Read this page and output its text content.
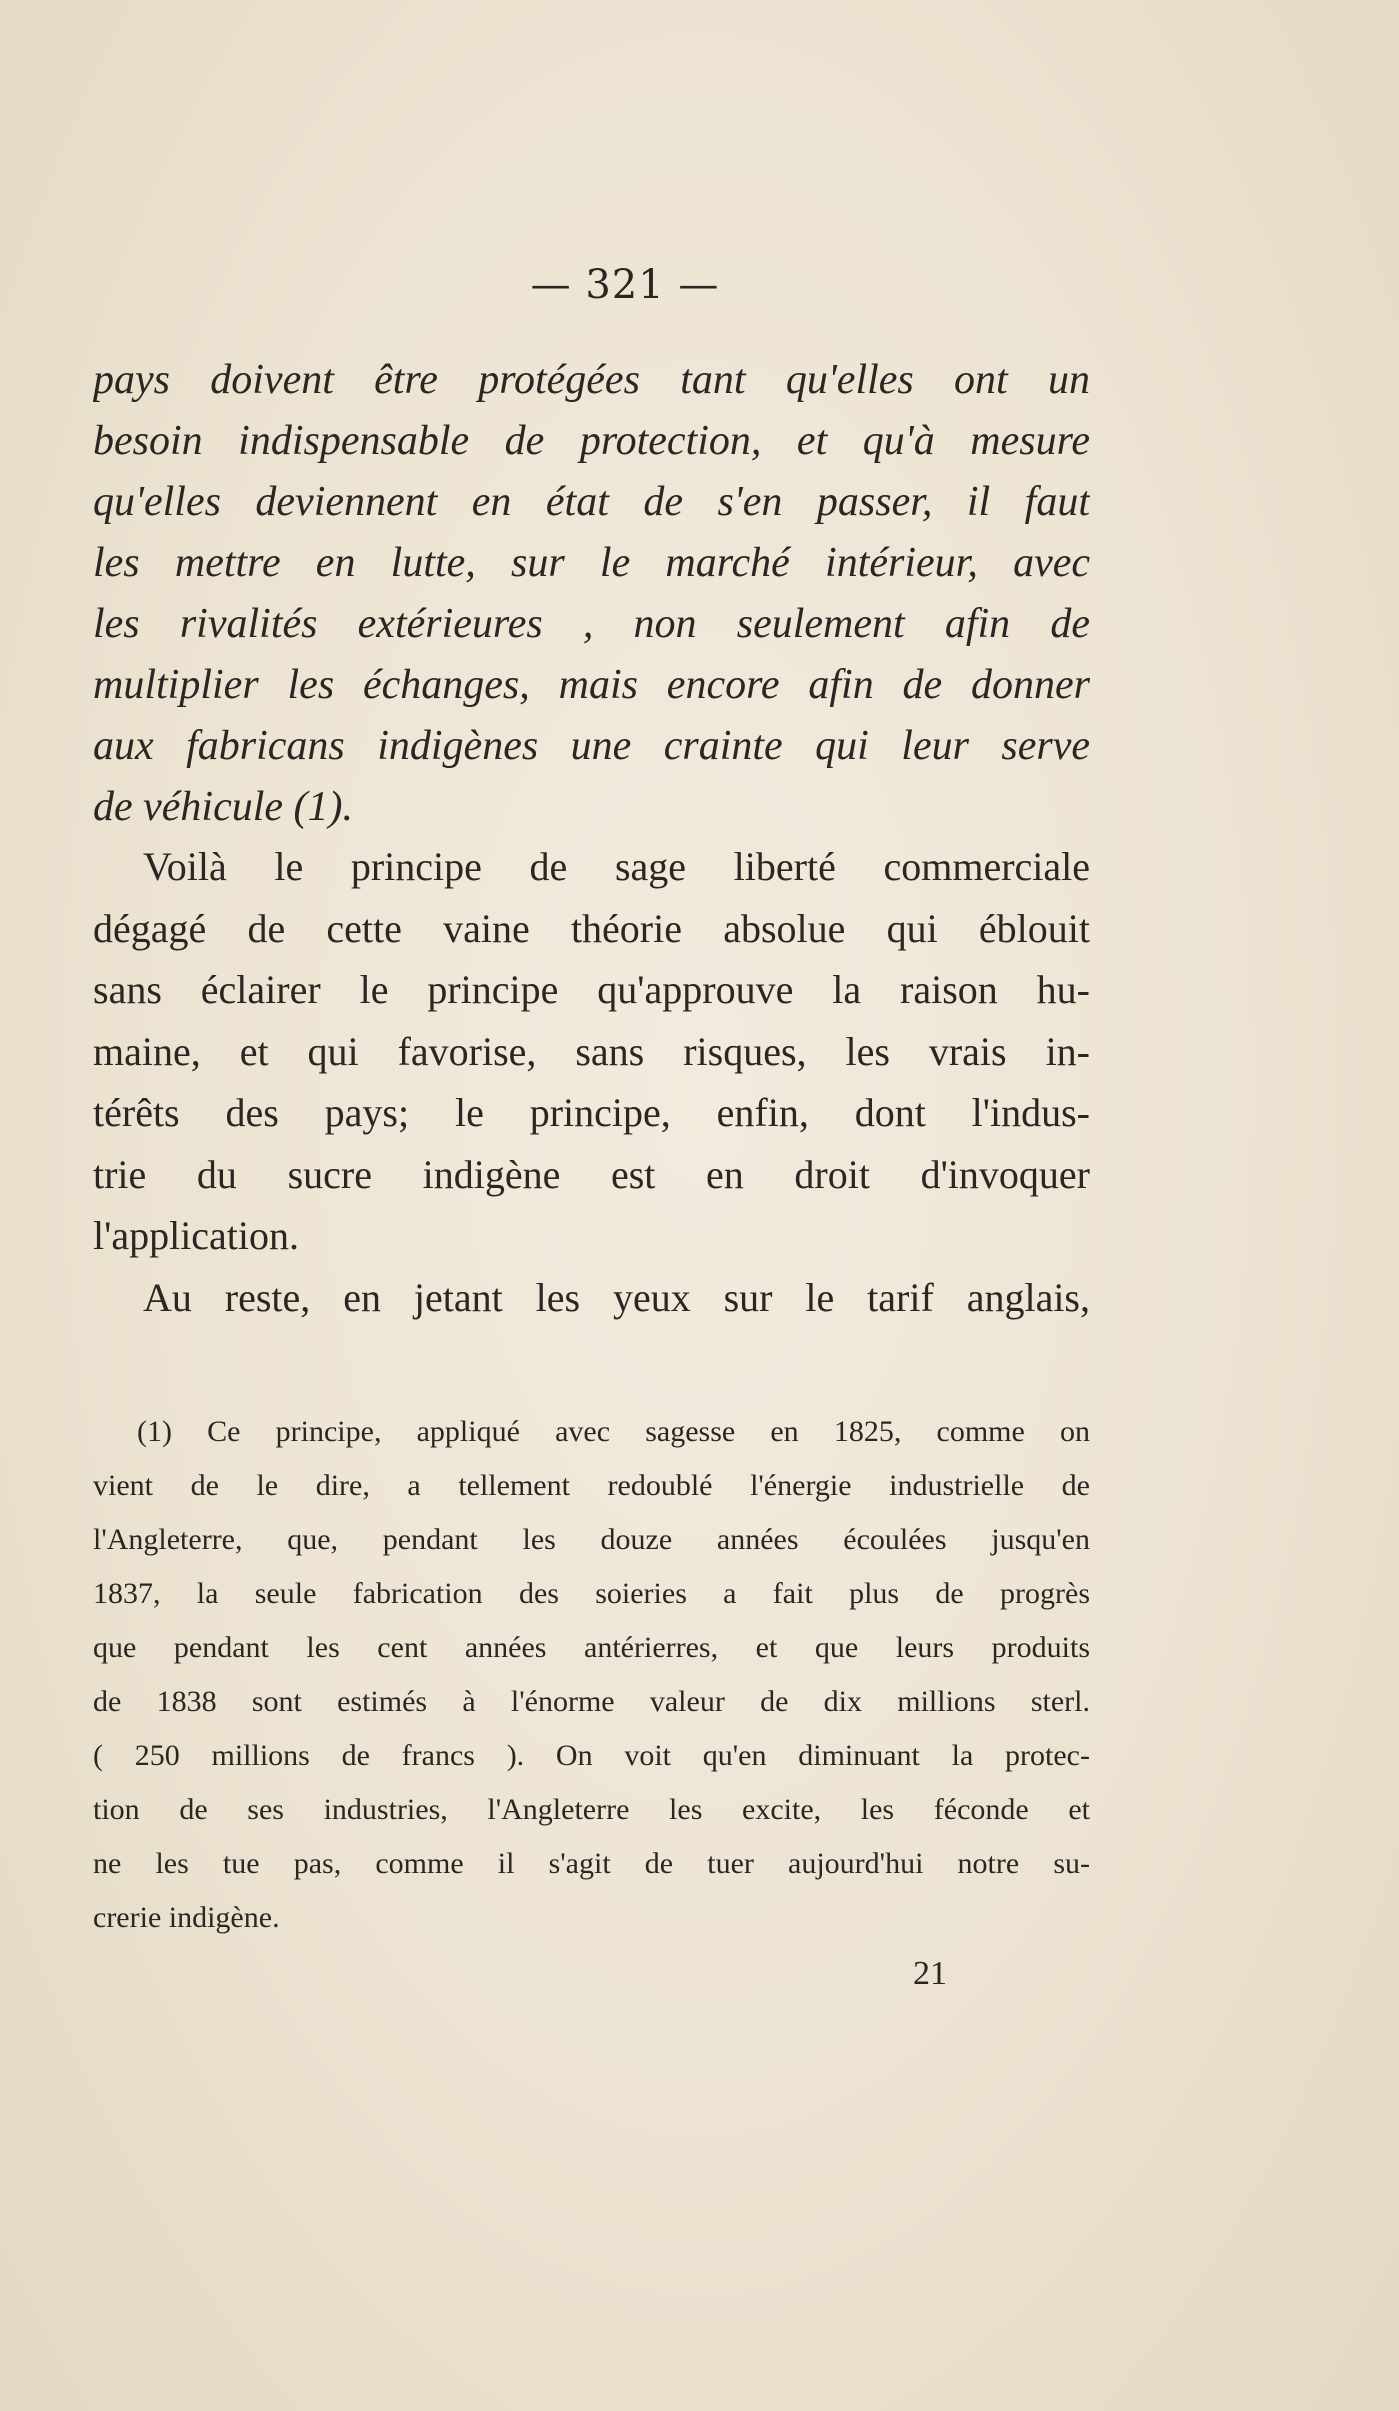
— 321 —

pays doivent être protégées tant qu'elles ont un
besoin indispensable de protection, et qu'à mesure
qu'elles deviennent en état de s'en passer, il faut
les mettre en lutte, sur le marché intérieur, avec
les rivalités extérieures , non seulement afin de
multiplier les échanges, mais encore afin de donner
aux fabricans indigènes une crainte qui leur serve
de véhicule (1).
Voilà le principe de sage liberté commerciale
dégagé de cette vaine théorie absolue qui éblouit
sans éclairer le principe qu'approuve la raison hu-
maine, et qui favorise, sans risques, les vrais in-
térêts des pays; le principe, enfin, dont l'indus-
trie du sucre indigène est en droit d'invoquer
l'application.
Au reste, en jetant les yeux sur le tarif anglais,
(1) Ce principe, appliqué avec sagesse en 1825, comme on
vient de le dire, a tellement redoublé l'énergie industrielle de
l'Angleterre, que, pendant les douze années écoulées jusqu'en
1837, la seule fabrication des soieries a fait plus de progrès
que pendant les cent années antérierres, et que leurs produits
de 1838 sont estimés à l'énorme valeur de dix millions sterl.
( 250 millions de francs ). On voit qu'en diminuant la protec-
tion de ses industries, l'Angleterre les excite, les féconde et
ne les tue pas, comme il s'agit de tuer aujourd'hui notre su-
crerie indigène.

21
